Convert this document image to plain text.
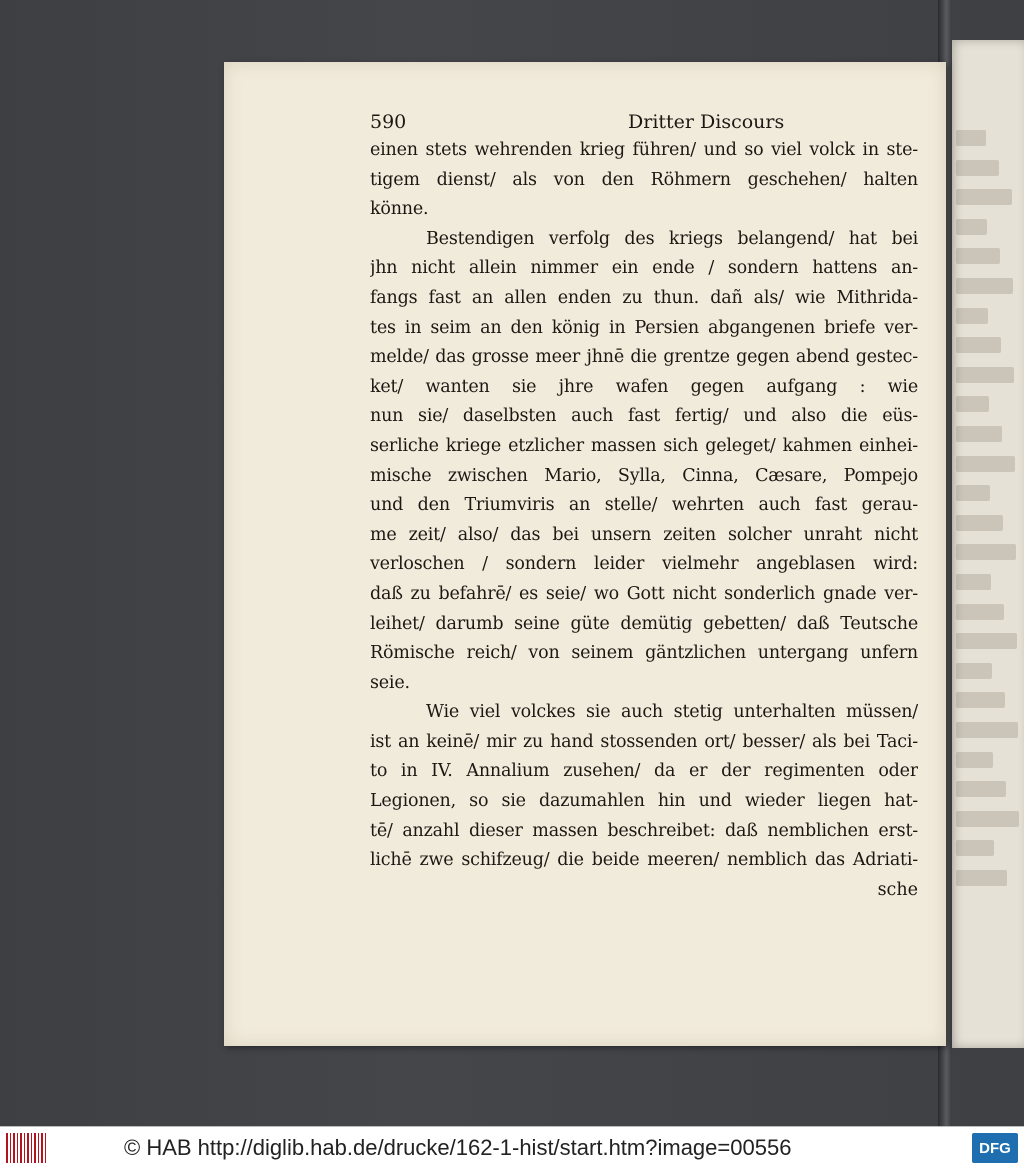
590	Dritter Discours
einen stets wehrenden krieg führen/ und so viel volck in ste-
tigem dienst/ als von den Röhmern geschehen/ halten
könne.
Bestendigen verfolg des kriegs belangend/ hat bei
jhn nicht allein nimmer ein ende / sondern hattens an-
fangs fast an allen enden zu thun. dañ als/ wie Mithrida-
tes in seim an den könig in Persien abgangenen briefe ver-
melde/ das grosse meer jhnē die grentze gegen abend gestec-
ket/ wanten sie jhre wafen gegen aufgang : wie
nun sie/ daselbsten auch fast fertig/ und also die eüs-
serliche kriege etzlicher massen sich geleget/ kahmen einhei-
mische zwischen Mario, Sylla, Cinna, Cæsare, Pompejo
und den Triumviris an stelle/ wehrten auch fast gerau-
me zeit/ also/ das bei unsern zeiten solcher unraht nicht
verloschen / sondern leider vielmehr angeblasen wird:
daß zu befahrē/ es seie/ wo Gott nicht sonderlich gnade ver-
leihet/ darumb seine güte demütig gebetten/ daß Teutsche
Römische reich/ von seinem gäntzlichen untergang unfern
seie.
Wie viel volckes sie auch stetig unterhalten müssen/
ist an keinē/ mir zu hand stossenden ort/ besser/ als bei Taci-
to in IV. Annalium zusehen/ da er der regimenten oder
Legionen, so sie dazumahlen hin und wieder liegen hat-
tē/ anzahl dieser massen beschreibet: daß nemblichen erst-
lichē zwe schifzeug/ die beide meeren/ nemblich das Adriati-
sche
© HAB http://diglib.hab.de/drucke/162-1-hist/start.htm?image=00556	DFG
